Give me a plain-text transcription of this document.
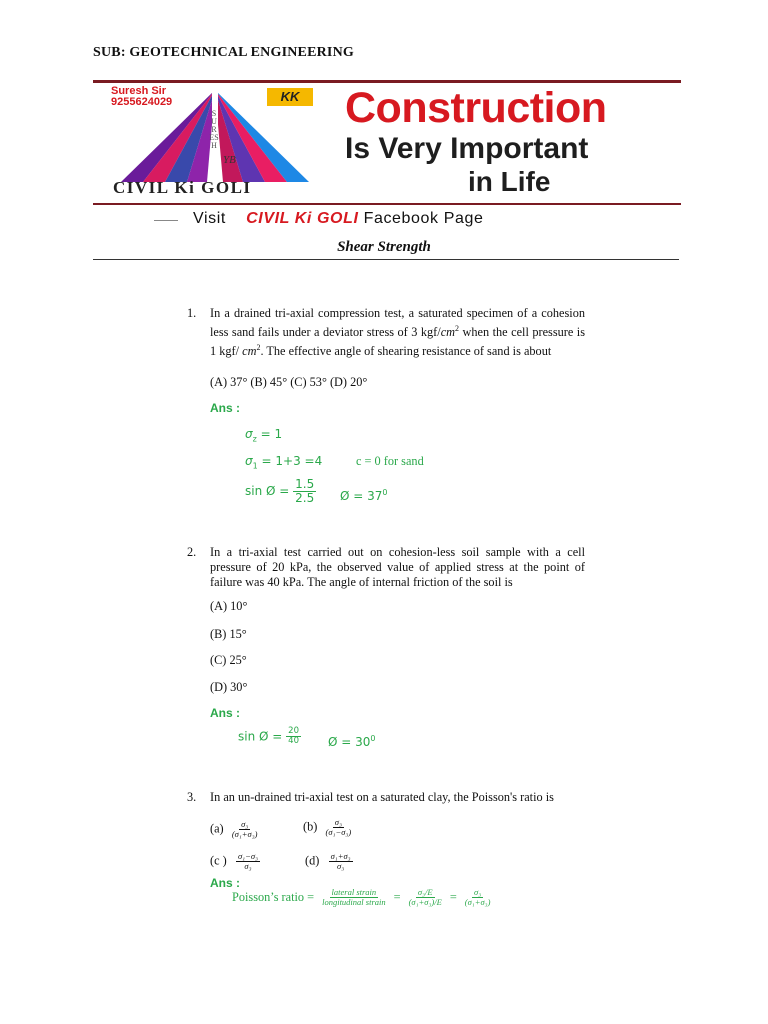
SUB: GEOTECHNICAL ENGINEERING
Suresh Sir
9255624029
SURESH
YB
KK
CIVIL Ki GOLI
Construction
Is Very Important
in Life
Visit CIVIL Ki GOLI Facebook Page
Shear Strength
1. In a drained tri-axial compression test, a saturated specimen of a cohesion less sand fails under a deviator stress of 3 kgf/$cm^2$ when the cell pressure is 1 kgf/ $cm^2$. The effective angle of shearing resistance of sand is about
(A) 37° (B) 45° (C) 53° (D) 20°
Ans :
$\sigma_z = 1$
$\sigma_1 = 1+3 =4$	c = 0 for sand
sin Ø = $\frac{1.5}{2.5}$ Ø = $37^0$
2. In a tri-axial test carried out on cohesion-less soil sample with a cell pressure of 20 kPa, the observed value of applied stress at the point of failure was 40 kPa. The angle of internal friction of the soil is
(A) 10°
(B) 15°
(C) 25°
(D) 30°
Ans :
sin Ø = $\frac{20}{40}$ Ø = $30^0$
3. In an un-drained tri-axial test on a saturated clay, the Poisson's ratio is
$(a) \frac{\text{σ₃}}{\text{(σ₁+σ₃)}}$	$(b) \frac{\text{σ₃}}{\text{(σ₁−σ₃)}}$
(c ) $\frac{\text{σ₁−σ₃}}{\text{σ₃}}$	$(d) \frac{\text{σ₁+σ₃}}{\text{σ₃}}$
Ans :
Poisson’s ratio = $\frac{\text{lateral strain}}{\text{longitudinal strain}} = \frac{\text{σ₃/E}}{\text{(σ₁+σ₃)/E}} = \frac{\text{σ₃}}{\text{(σ₁+σ₃)}}$
